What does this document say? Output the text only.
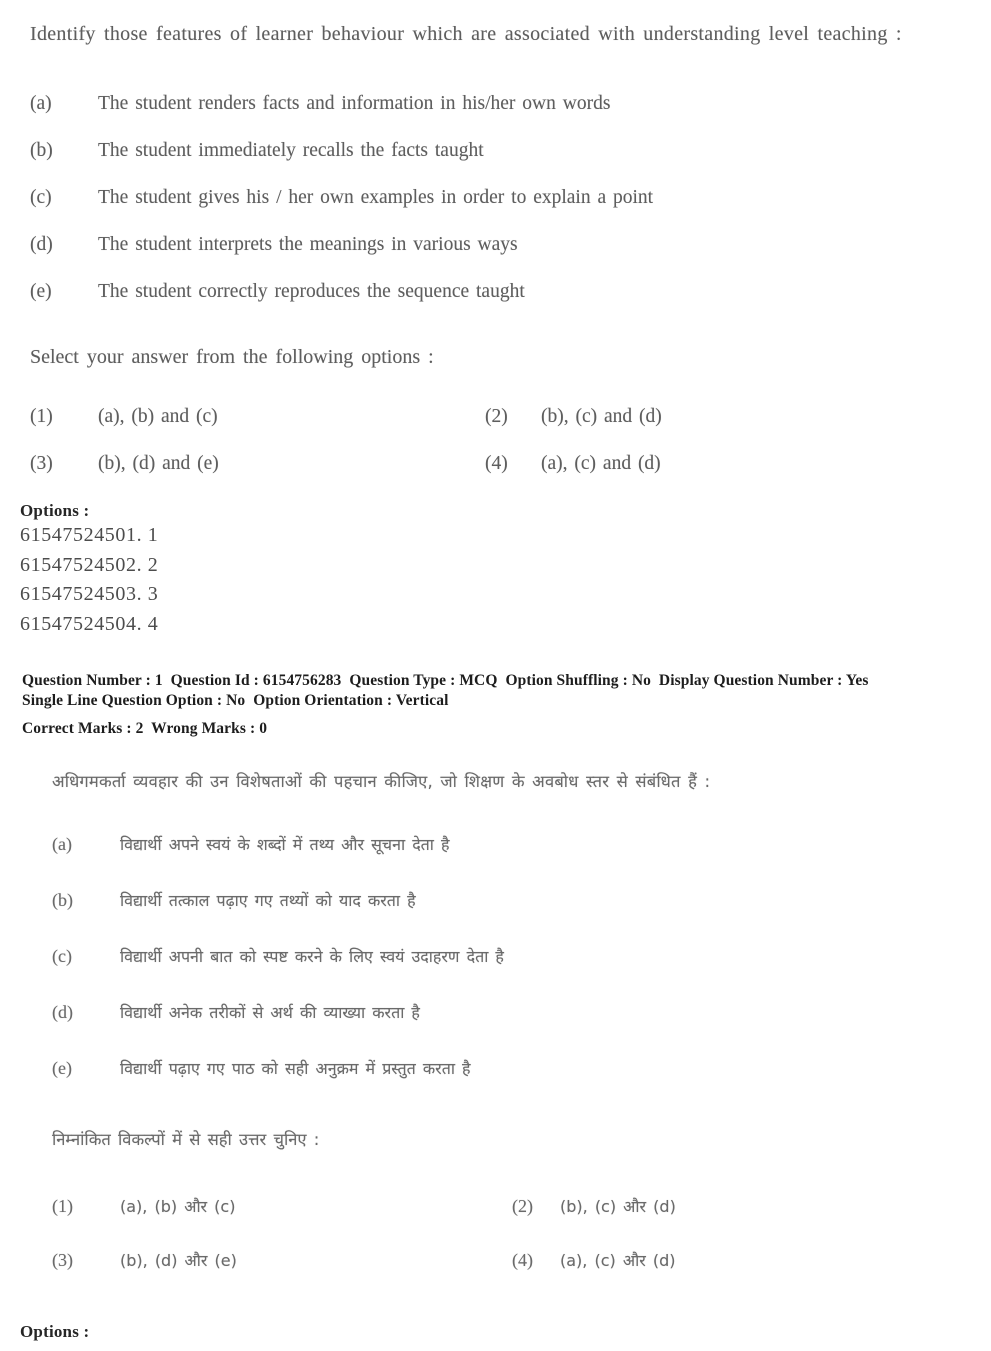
Identify those features of learner behaviour which are associated with understanding level teaching :
(a)	The student renders facts and information in his/her own words
(b)	The student immediately recalls the facts taught
(c)	The student gives his / her own examples in order to explain a point
(d)	The student interprets the meanings in various ways
(e)	The student correctly reproduces the sequence taught
Select your answer from the following options :
(1)	(a), (b) and (c)	(2)	(b), (c) and (d)
(3)	(b), (d) and (e)	(4)	(a), (c) and (d)
Options :
61547524501. 1
61547524502. 2
61547524503. 3
61547524504. 4
Question Number : 1  Question Id : 6154756283  Question Type : MCQ  Option Shuffling : No  Display Question Number : Yes
Single Line Question Option : No  Option Orientation : Vertical
Correct Marks : 2  Wrong Marks : 0
अधिगमकर्ता व्यवहार की उन विशेषताओं की पहचान कीजिए, जो शिक्षण के अवबोध स्तर से संबंधित हैं :
(a)	विद्यार्थी अपने स्वयं के शब्दों में तथ्य और सूचना देता है
(b)	विद्यार्थी तत्काल पढ़ाए गए तथ्यों को याद करता है
(c)	विद्यार्थी अपनी बात को स्पष्ट करने के लिए स्वयं उदाहरण देता है
(d)	विद्यार्थी अनेक तरीकों से अर्थ की व्याख्या करता है
(e)	विद्यार्थी पढ़ाए गए पाठ को सही अनुक्रम में प्रस्तुत करता है
निम्नांकित विकल्पों में से सही उत्तर चुनिए :
(1)	(a), (b) और (c)	(2)	(b), (c) और (d)
(3)	(b), (d) और (e)	(4)	(a), (c) और (d)
Options :
